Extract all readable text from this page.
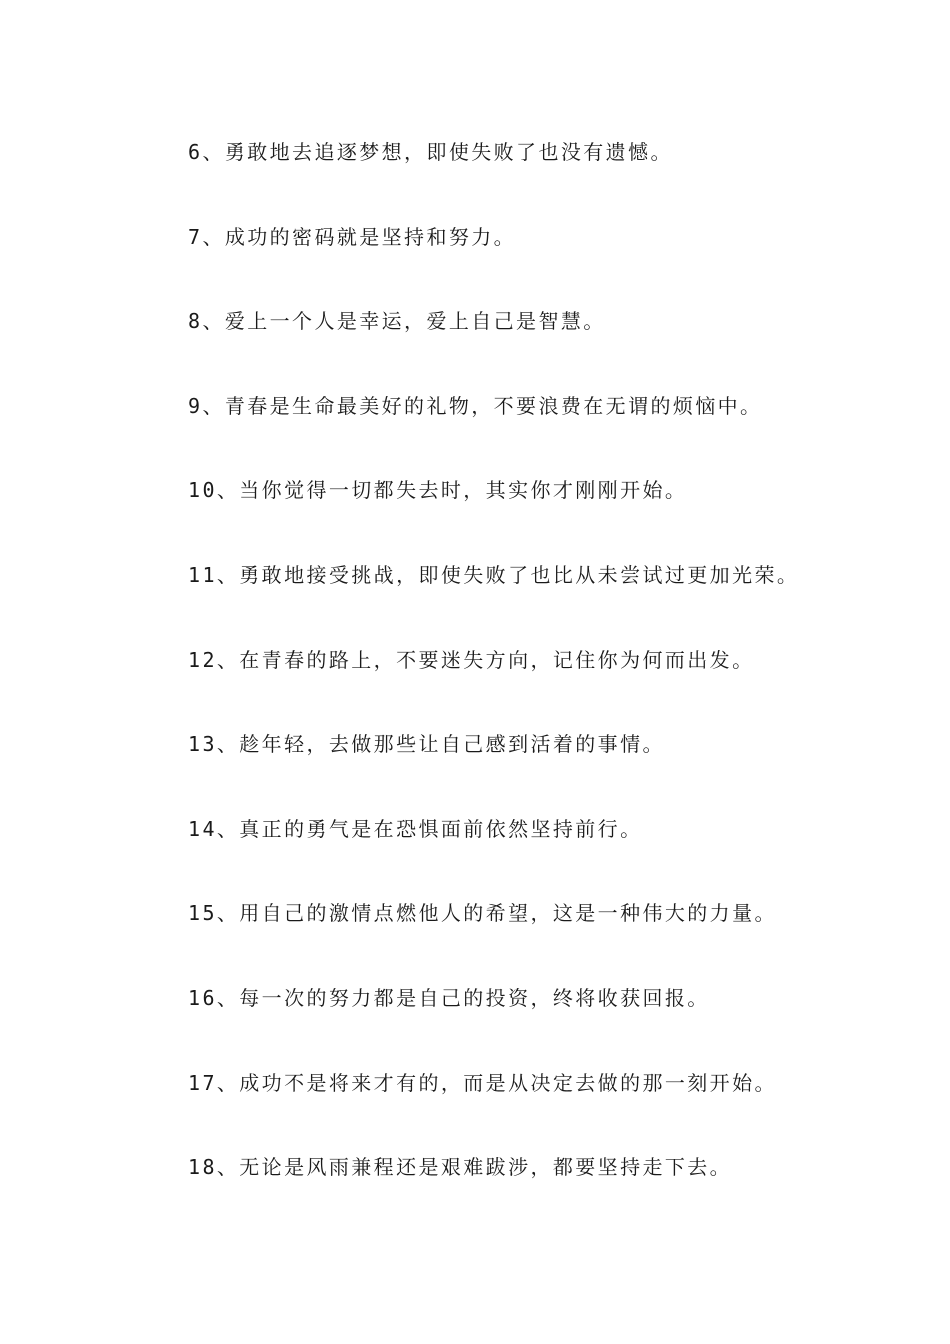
6、勇敢地去追逐梦想，即使失败了也没有遗憾。
7、成功的密码就是坚持和努力。
8、爱上一个人是幸运，爱上自己是智慧。
9、青春是生命最美好的礼物，不要浪费在无谓的烦恼中。
10、当你觉得一切都失去时，其实你才刚刚开始。
11、勇敢地接受挑战，即使失败了也比从未尝试过更加光荣。
12、在青春的路上，不要迷失方向，记住你为何而出发。
13、趁年轻，去做那些让自己感到活着的事情。
14、真正的勇气是在恐惧面前依然坚持前行。
15、用自己的激情点燃他人的希望，这是一种伟大的力量。
16、每一次的努力都是自己的投资，终将收获回报。
17、成功不是将来才有的，而是从决定去做的那一刻开始。
18、无论是风雨兼程还是艰难跋涉，都要坚持走下去。
